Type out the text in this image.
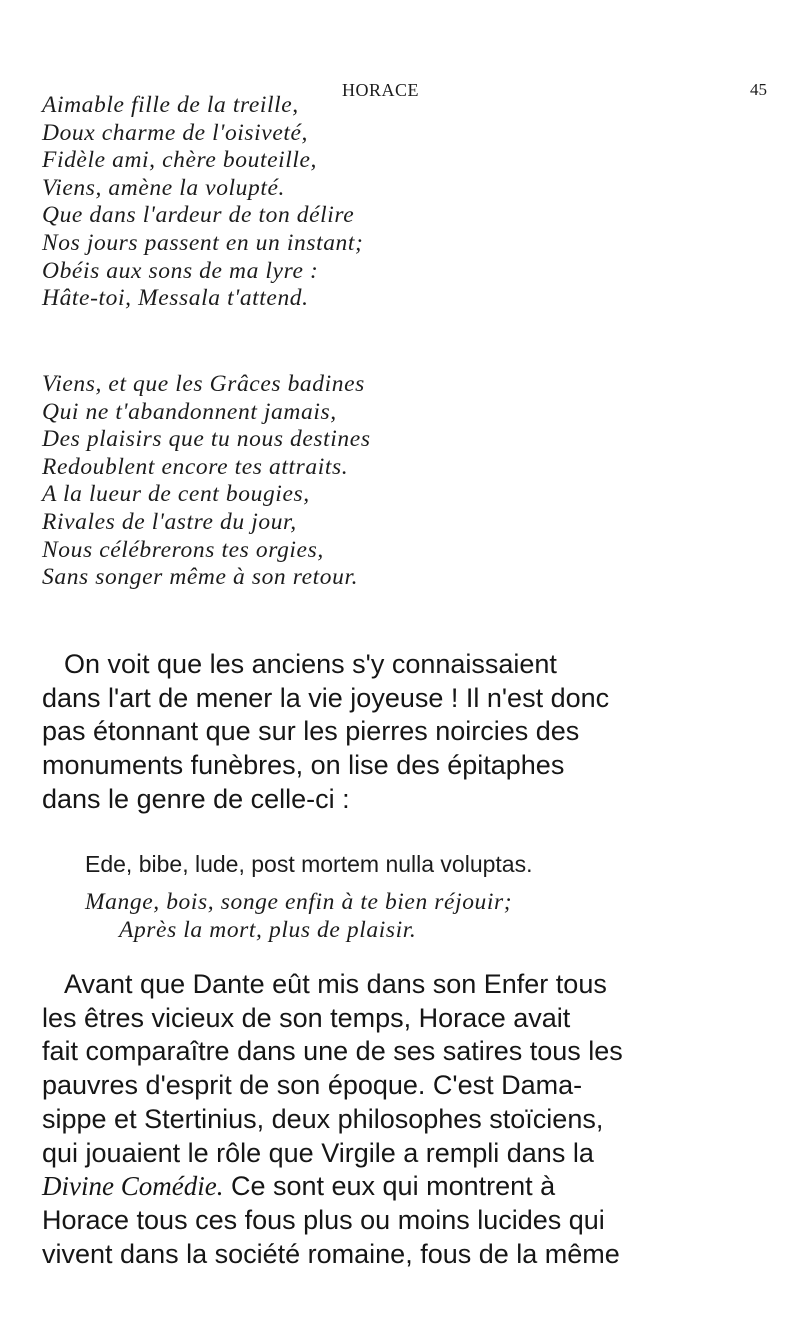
HORACE	45
Aimable fille de la treille,
Doux charme de l'oisiveté,
Fidèle ami, chère bouteille,
Viens, amène la volupté.
Que dans l'ardeur de ton délire
Nos jours passent en un instant;
Obéis aux sons de ma lyre :
Hâte-toi, Messala t'attend.
Viens, et que les Grâces badines
Qui ne t'abandonnent jamais,
Des plaisirs que tu nous destines
Redoublent encore tes attraits.
A la lueur de cent bougies,
Rivales de l'astre du jour,
Nous célébrerons tes orgies,
Sans songer même à son retour.

On voit que les anciens s'y connaissaient
dans l'art de mener la vie joyeuse ! Il n'est donc
pas étonnant que sur les pierres noircies des
monuments funèbres, on lise des épitaphes
dans le genre de celle-ci :

Ede, bibe, lude, post mortem nulla voluptas.
Mange, bois, songe enfin à te bien réjouir;
Après la mort, plus de plaisir.

Avant que Dante eût mis dans son Enfer tous
les êtres vicieux de son temps, Horace avait
fait comparaître dans une de ses satires tous les
pauvres d'esprit de son époque. C'est Dama-
sippe et Stertinius, deux philosophes stoïciens,
qui jouaient le rôle que Virgile a rempli dans la
Divine Comédie. Ce sont eux qui montrent à
Horace tous ces fous plus ou moins lucides qui
vivent dans la société romaine, fous de la même
